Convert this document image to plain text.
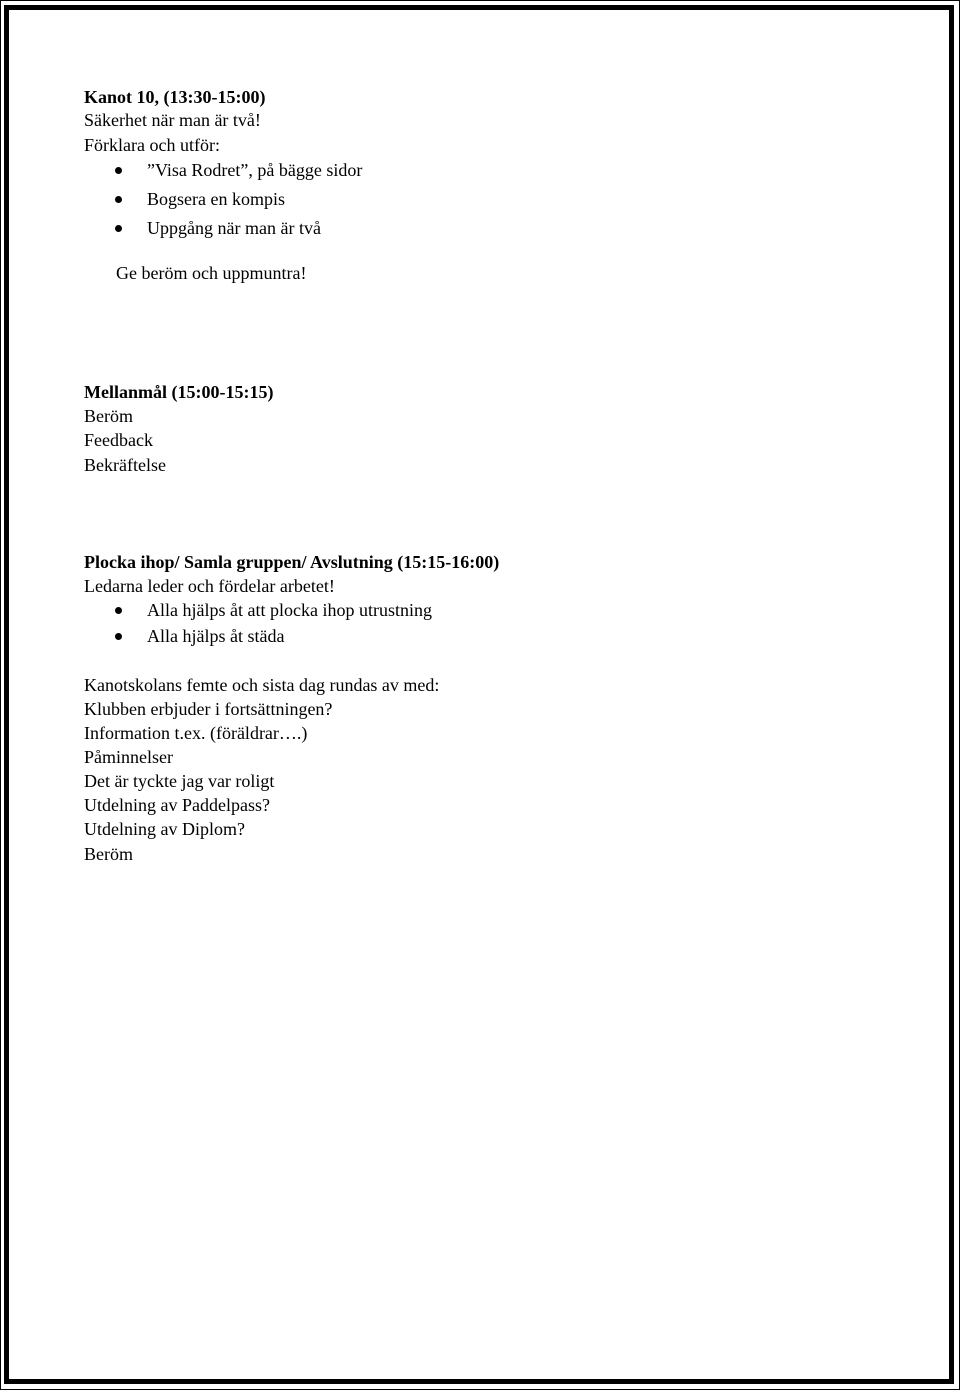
Kanot 10, (13:30-15:00)
Säkerhet när man är två!
Förklara och utför:
”Visa Rodret”, på bägge sidor
Bogsera en kompis
Uppgång när man är två
Ge beröm och uppmuntra!
Mellanmål (15:00-15:15)
Beröm
Feedback
Bekräftelse
Plocka ihop/ Samla gruppen/ Avslutning (15:15-16:00)
Ledarna leder och fördelar arbetet!
Alla hjälps åt att plocka ihop utrustning
Alla hjälps åt städa
Kanotskolans femte och sista dag rundas av med:
Klubben erbjuder i fortsättningen?
Information t.ex. (föräldrar….)
Påminnelser
Det är tyckte jag var roligt
Utdelning av Paddelpass?
Utdelning av Diplom?
Beröm
